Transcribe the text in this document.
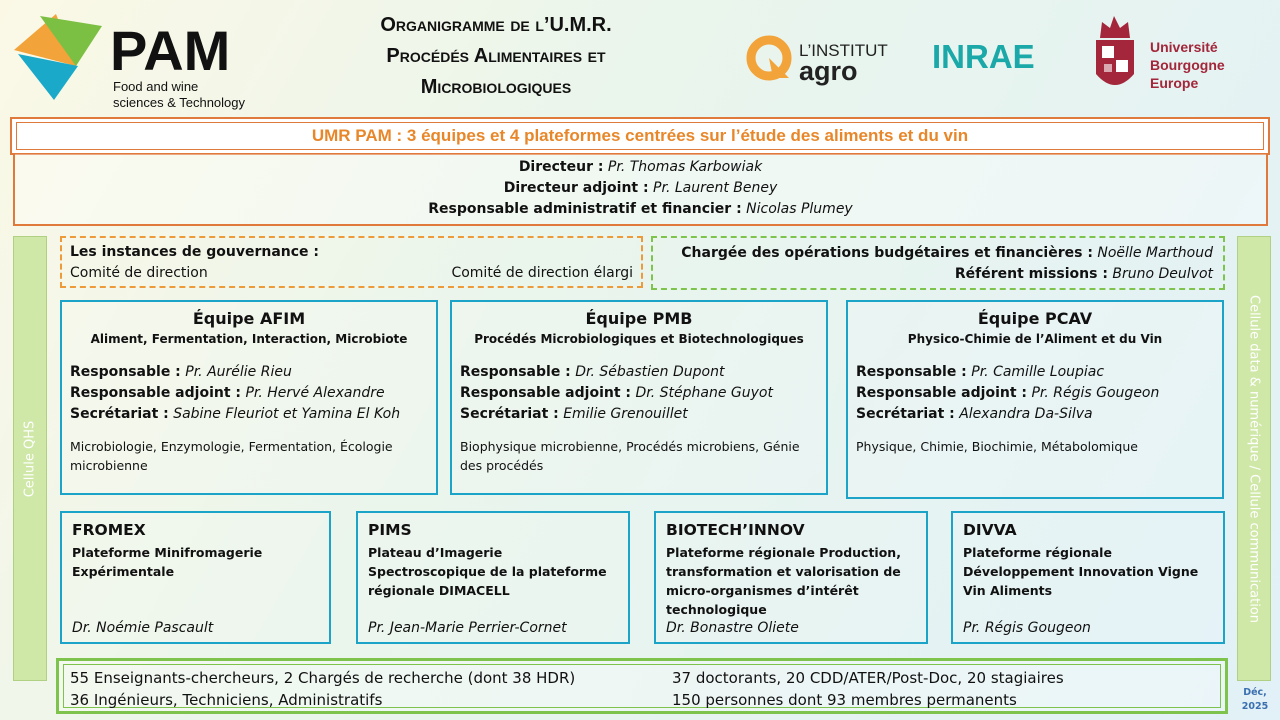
PAM
Food and wine
sciences & Technology
Organigramme de l’U.M.R.
Procédés Alimentaires et
Microbiologiques
L’INSTITUT
agro INRAE	Université
Bourgogne
Europe
UMR PAM : 3 équipes et 4 plateformes centrées sur l’étude des aliments et du vin
Directeur : Pr. Thomas Karbowiak
Directeur adjoint : Pr. Laurent Beney
Responsable administratif et financier : Nicolas Plumey
Cellule QHS	Cellule data & numérique / Cellule communication
Les instances de gouvernance :
Comité de direction	Comité de direction élargi
Chargée des opérations budgétaires et financières : Noëlle Marthoud
Référent missions : Bruno Deulvot
Équipe AFIM
Aliment, Fermentation, Interaction, Microbiote
Responsable : Pr. Aurélie Rieu
Responsable adjoint : Pr. Hervé Alexandre
Secrétariat : Sabine Fleuriot et Yamina El Koh
Microbiologie, Enzymologie, Fermentation, Écologie microbienne
Équipe PMB
Procédés Microbiologiques et Biotechnologiques
Responsable : Dr. Sébastien Dupont
Responsable adjoint : Dr. Stéphane Guyot
Secrétariat : Emilie Grenouillet
Biophysique microbienne, Procédés microbiens, Génie des procédés
Équipe PCAV
Physico-Chimie de l’Aliment et du Vin
Responsable : Pr. Camille Loupiac
Responsable adjoint : Pr. Régis Gougeon
Secrétariat : Alexandra Da-Silva
Physique, Chimie, Biochimie, Métabolomique
FROMEX
Plateforme Minifromagerie Expérimentale
Dr. Noémie Pascault
PIMS
Plateau d’Imagerie Spectroscopique de la plateforme régionale DIMACELL
Pr. Jean-Marie Perrier-Cornet
BIOTECH’INNOV
Plateforme régionale Production, transformation et valorisation de micro-organismes d’intérêt technologique
Dr. Bonastre Oliete
DIVVA
Plateforme régionale Développement Innovation Vigne Vin Aliments
Pr. Régis Gougeon
55 Enseignants-chercheurs, 2 Chargés de recherche (dont 38 HDR)	37 doctorants, 20 CDD/ATER/Post-Doc, 20 stagiaires
36 Ingénieurs, Techniciens, Administratifs	150 personnes dont 93 membres permanents	Déc,
2025
